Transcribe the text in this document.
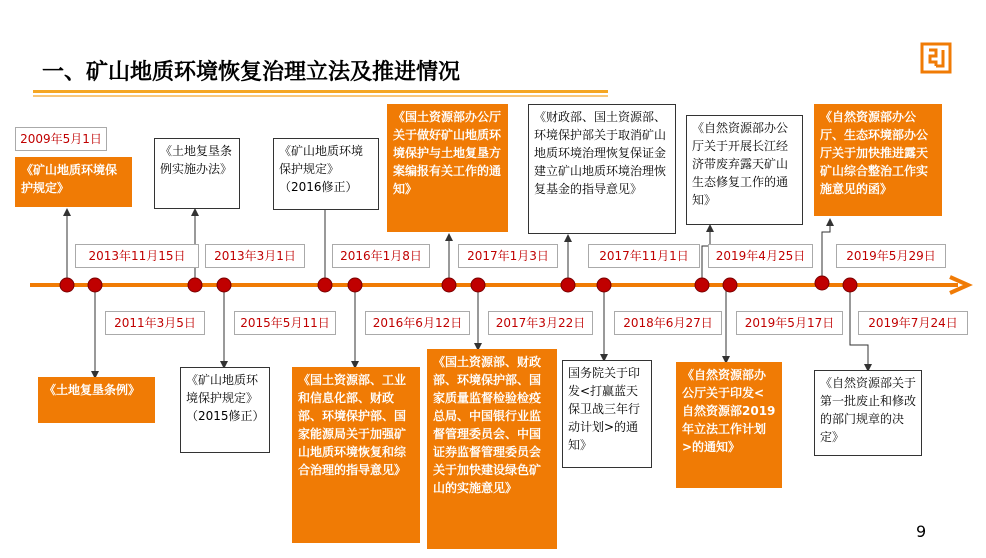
一、矿山地质环境恢复治理立法及推进情况
2009年5月1日
2011年3月5日
2013年11月15日	2013年3月1日
2015年5月11日
2016年1月8日
2016年6月12日
2017年1月3日
2017年3月22日
2017年11月1日
2018年6月27日
2019年4月25日
2019年5月17日
2019年5月29日
2019年7月24日
《矿山地质环境保护规定》
《土地复垦条例实施办法》
《矿山地质环境保护规定》（2016修正）
《国土资源部办公厅关于做好矿山地质环境保护与土地复垦方案编报有关工作的通知》
《财政部、国土资源部、环境保护部关于取消矿山地质环境治理恢复保证金建立矿山地质环境治理恢复基金的指导意见》
《自然资源部办公厅关于开展长江经济带废弃露天矿山生态修复工作的通知》
《自然资源部办公厅、生态环境部办公厅关于加快推进露天矿山综合整治工作实施意见的函》
《土地复垦条例》
《矿山地质环境保护规定》（2015修正）
《国土资源部、工业和信息化部、财政部、环境保护部、国家能源局关于加强矿山地质环境恢复和综合治理的指导意见》
《国土资源部、财政部、环境保护部、国家质量监督检验检疫总局、中国银行业监督管理委员会、中国证券监督管理委员会关于加快建设绿色矿山的实施意见》
国务院关于印发<打赢蓝天保卫战三年行动计划>的通知》
《自然资源部办公厅关于印发<自然资源部2019年立法工作计划>的通知》
《自然资源部关于第一批废止和修改的部门规章的决定》
9
